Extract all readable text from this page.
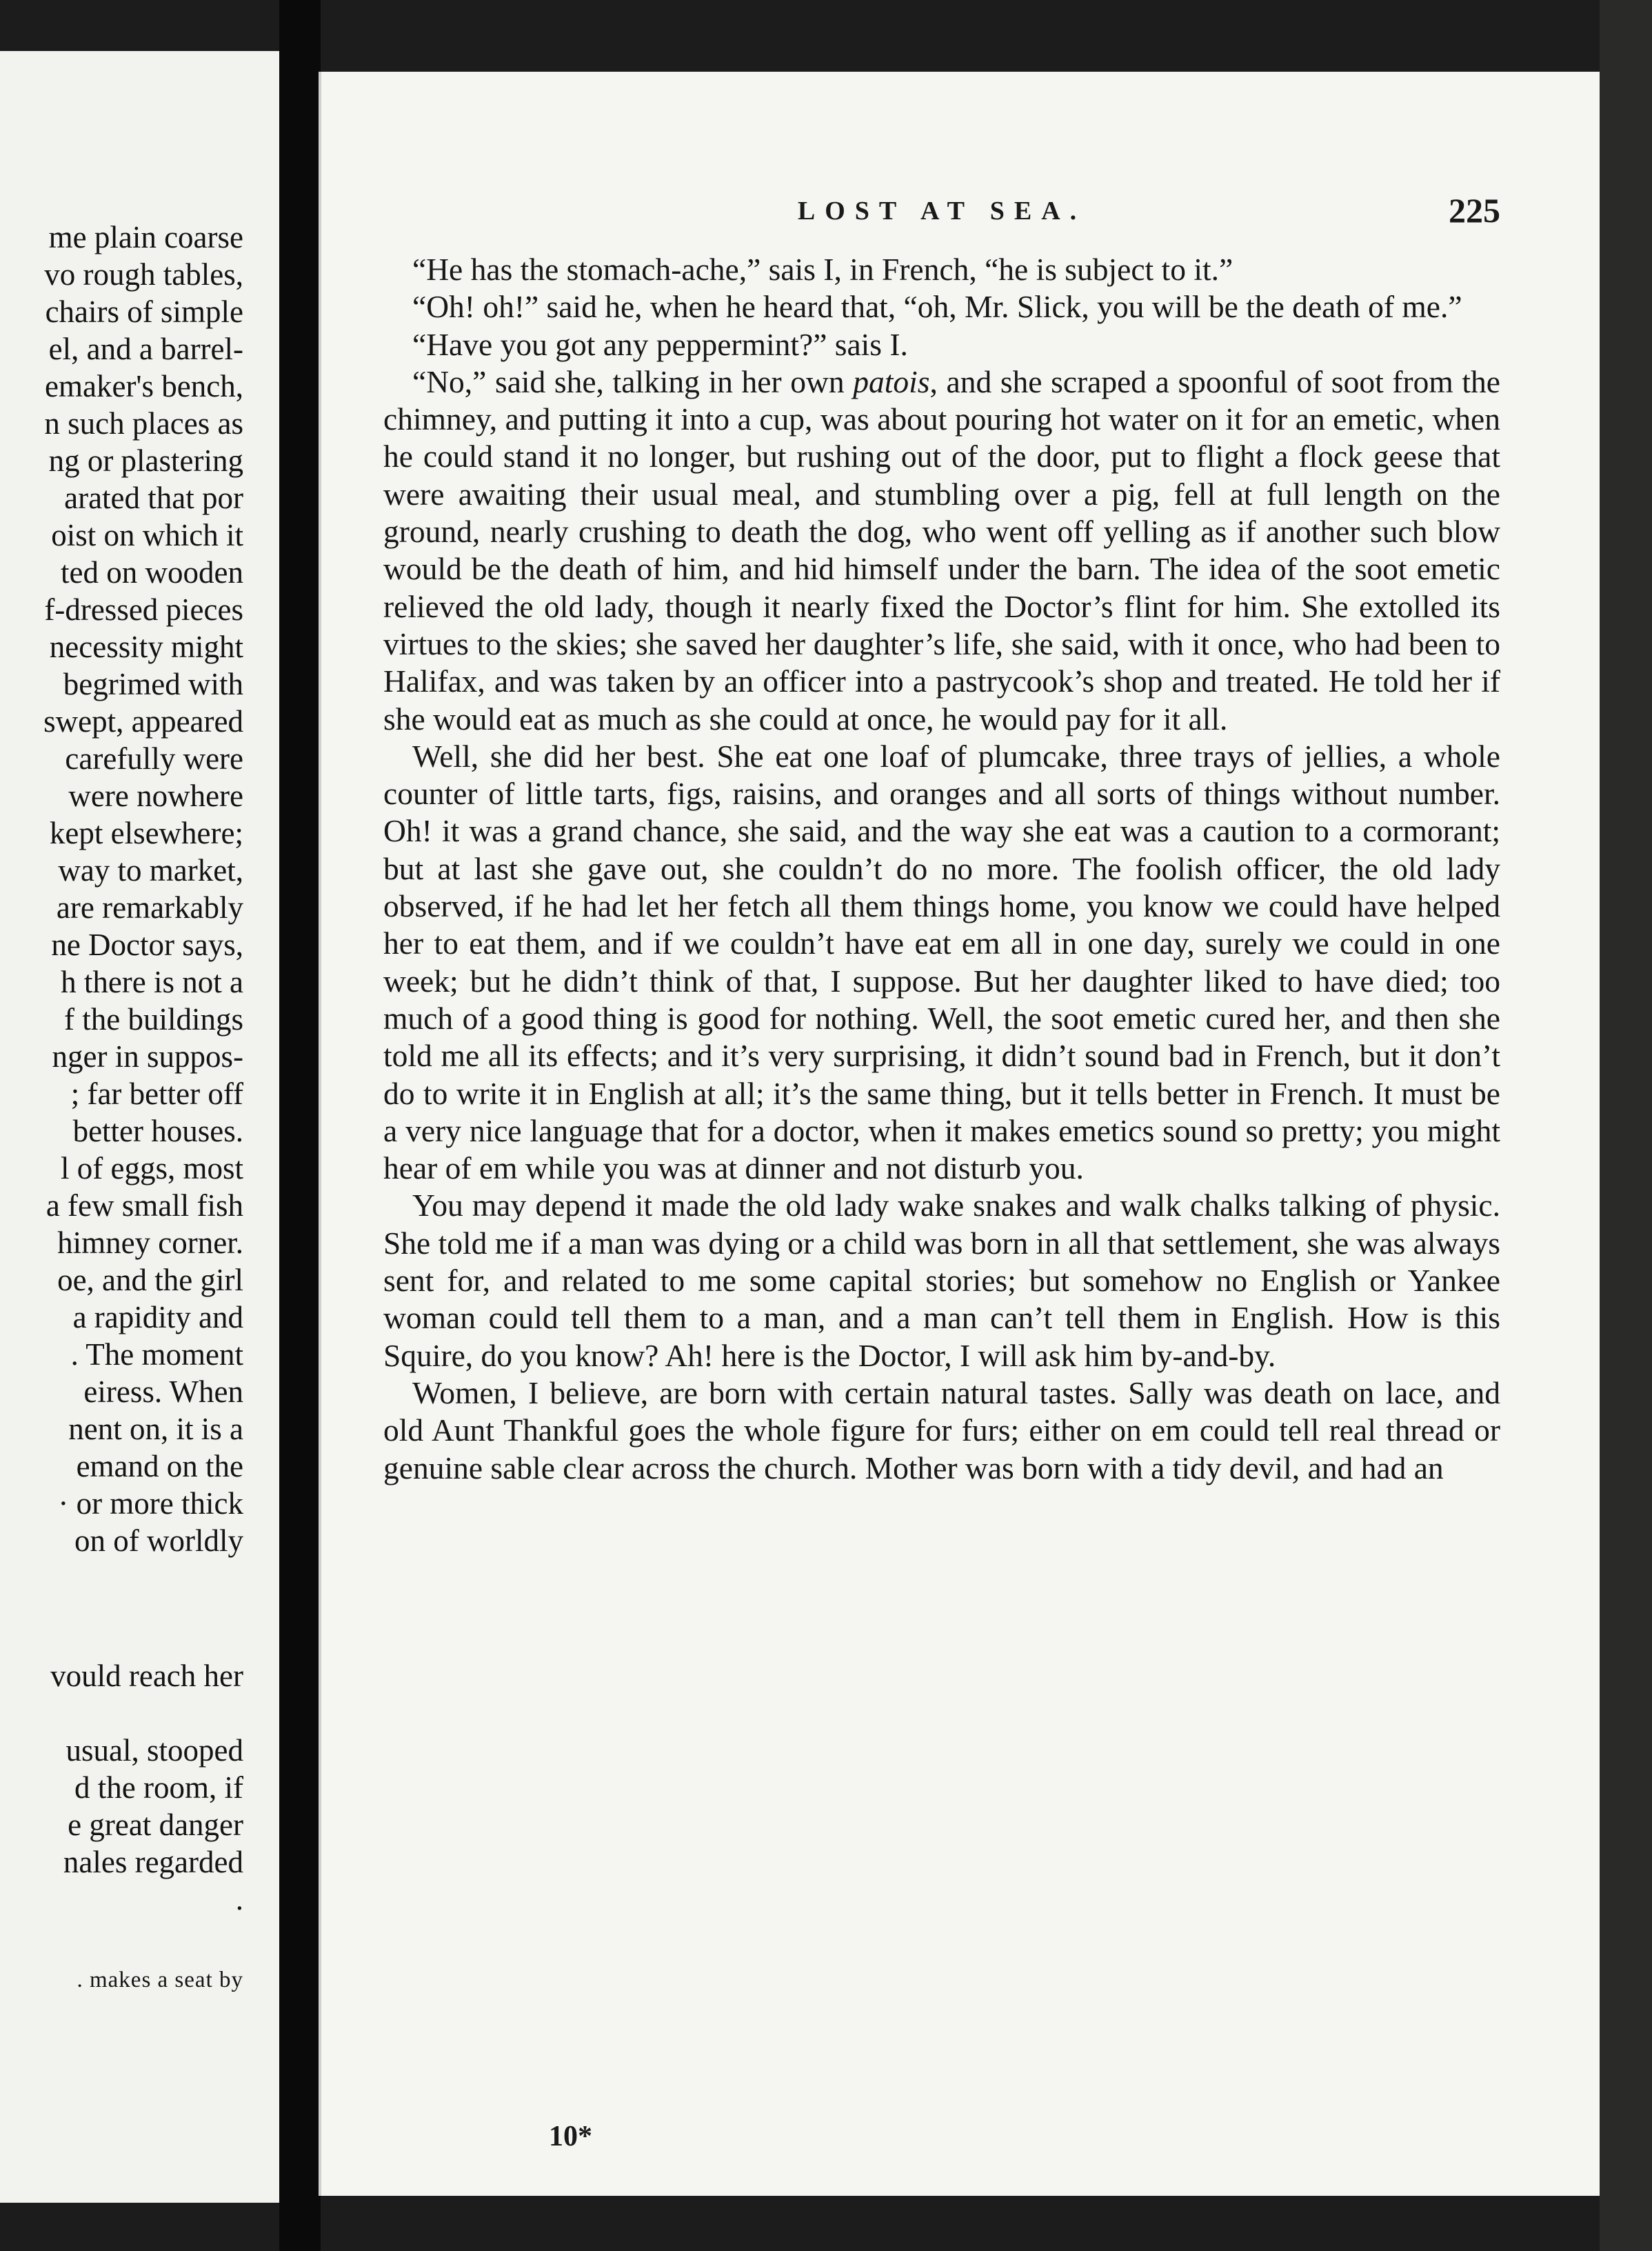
me plain coarse
vo rough tables,
chairs of simple
el, and a barrel-
emaker's bench,
n such places as
ng or plastering
arated that por
oist on which it
ted on wooden
f-dressed pieces
necessity might
begrimed with
swept, appeared
carefully were
were nowhere
kept elsewhere;
way to market,
are remarkably
ne Doctor says,
h there is not a
f the buildings
nger in suppos-
; far better off
better houses.
l of eggs, most
a few small fish
himney corner.
oe, and the girl
a rapidity and
. The moment
eiress. When
nent on, it is a
emand on the
· or more thick
on of worldly
vould reach her
usual, stooped
d the room, if
e great danger
nales regarded
.
. makes a seat by
LOST AT SEA.	225

“He has the stomach-ache,” sais I, in French, “he is subject to it.”

“Oh! oh!” said he, when he heard that, “oh, Mr. Slick, you will be the death of me.”

“Have you got any peppermint?” sais I.

“No,” said she, talking in her own patois, and she scraped a spoonful of soot from the chimney, and putting it into a cup, was about pouring hot water on it for an emetic, when he could stand it no longer, but rushing out of the door, put to flight a flock geese that were awaiting their usual meal, and stumbling over a pig, fell at full length on the ground, nearly crushing to death the dog, who went off yelling as if another such blow would be the death of him, and hid himself under the barn. The idea of the soot emetic relieved the old lady, though it nearly fixed the Doctor’s flint for him. She extolled its virtues to the skies; she saved her daughter’s life, she said, with it once, who had been to Halifax, and was taken by an officer into a pastrycook’s shop and treated. He told her if she would eat as much as she could at once, he would pay for it all.

Well, she did her best. She eat one loaf of plumcake, three trays of jellies, a whole counter of little tarts, figs, raisins, and oranges and all sorts of things without number. Oh! it was a grand chance, she said, and the way she eat was a caution to a cormorant; but at last she gave out, she couldn’t do no more. The foolish officer, the old lady observed, if he had let her fetch all them things home, you know we could have helped her to eat them, and if we couldn’t have eat em all in one day, surely we could in one week; but he didn’t think of that, I suppose. But her daughter liked to have died; too much of a good thing is good for nothing. Well, the soot emetic cured her, and then she told me all its effects; and it’s very surprising, it didn’t sound bad in French, but it don’t do to write it in English at all; it’s the same thing, but it tells better in French. It must be a very nice language that for a doctor, when it makes emetics sound so pretty; you might hear of em while you was at dinner and not disturb you.

You may depend it made the old lady wake snakes and walk chalks talking of physic. She told me if a man was dying or a child was born in all that settlement, she was always sent for, and related to me some capital stories; but somehow no English or Yankee woman could tell them to a man, and a man can’t tell them in English. How is this Squire, do you know? Ah! here is the Doctor, I will ask him by-and-by.

Women, I believe, are born with certain natural tastes. Sally was death on lace, and old Aunt Thankful goes the whole figure for furs; either on em could tell real thread or genuine sable clear across the church. Mother was born with a tidy devil, and had an

10*
